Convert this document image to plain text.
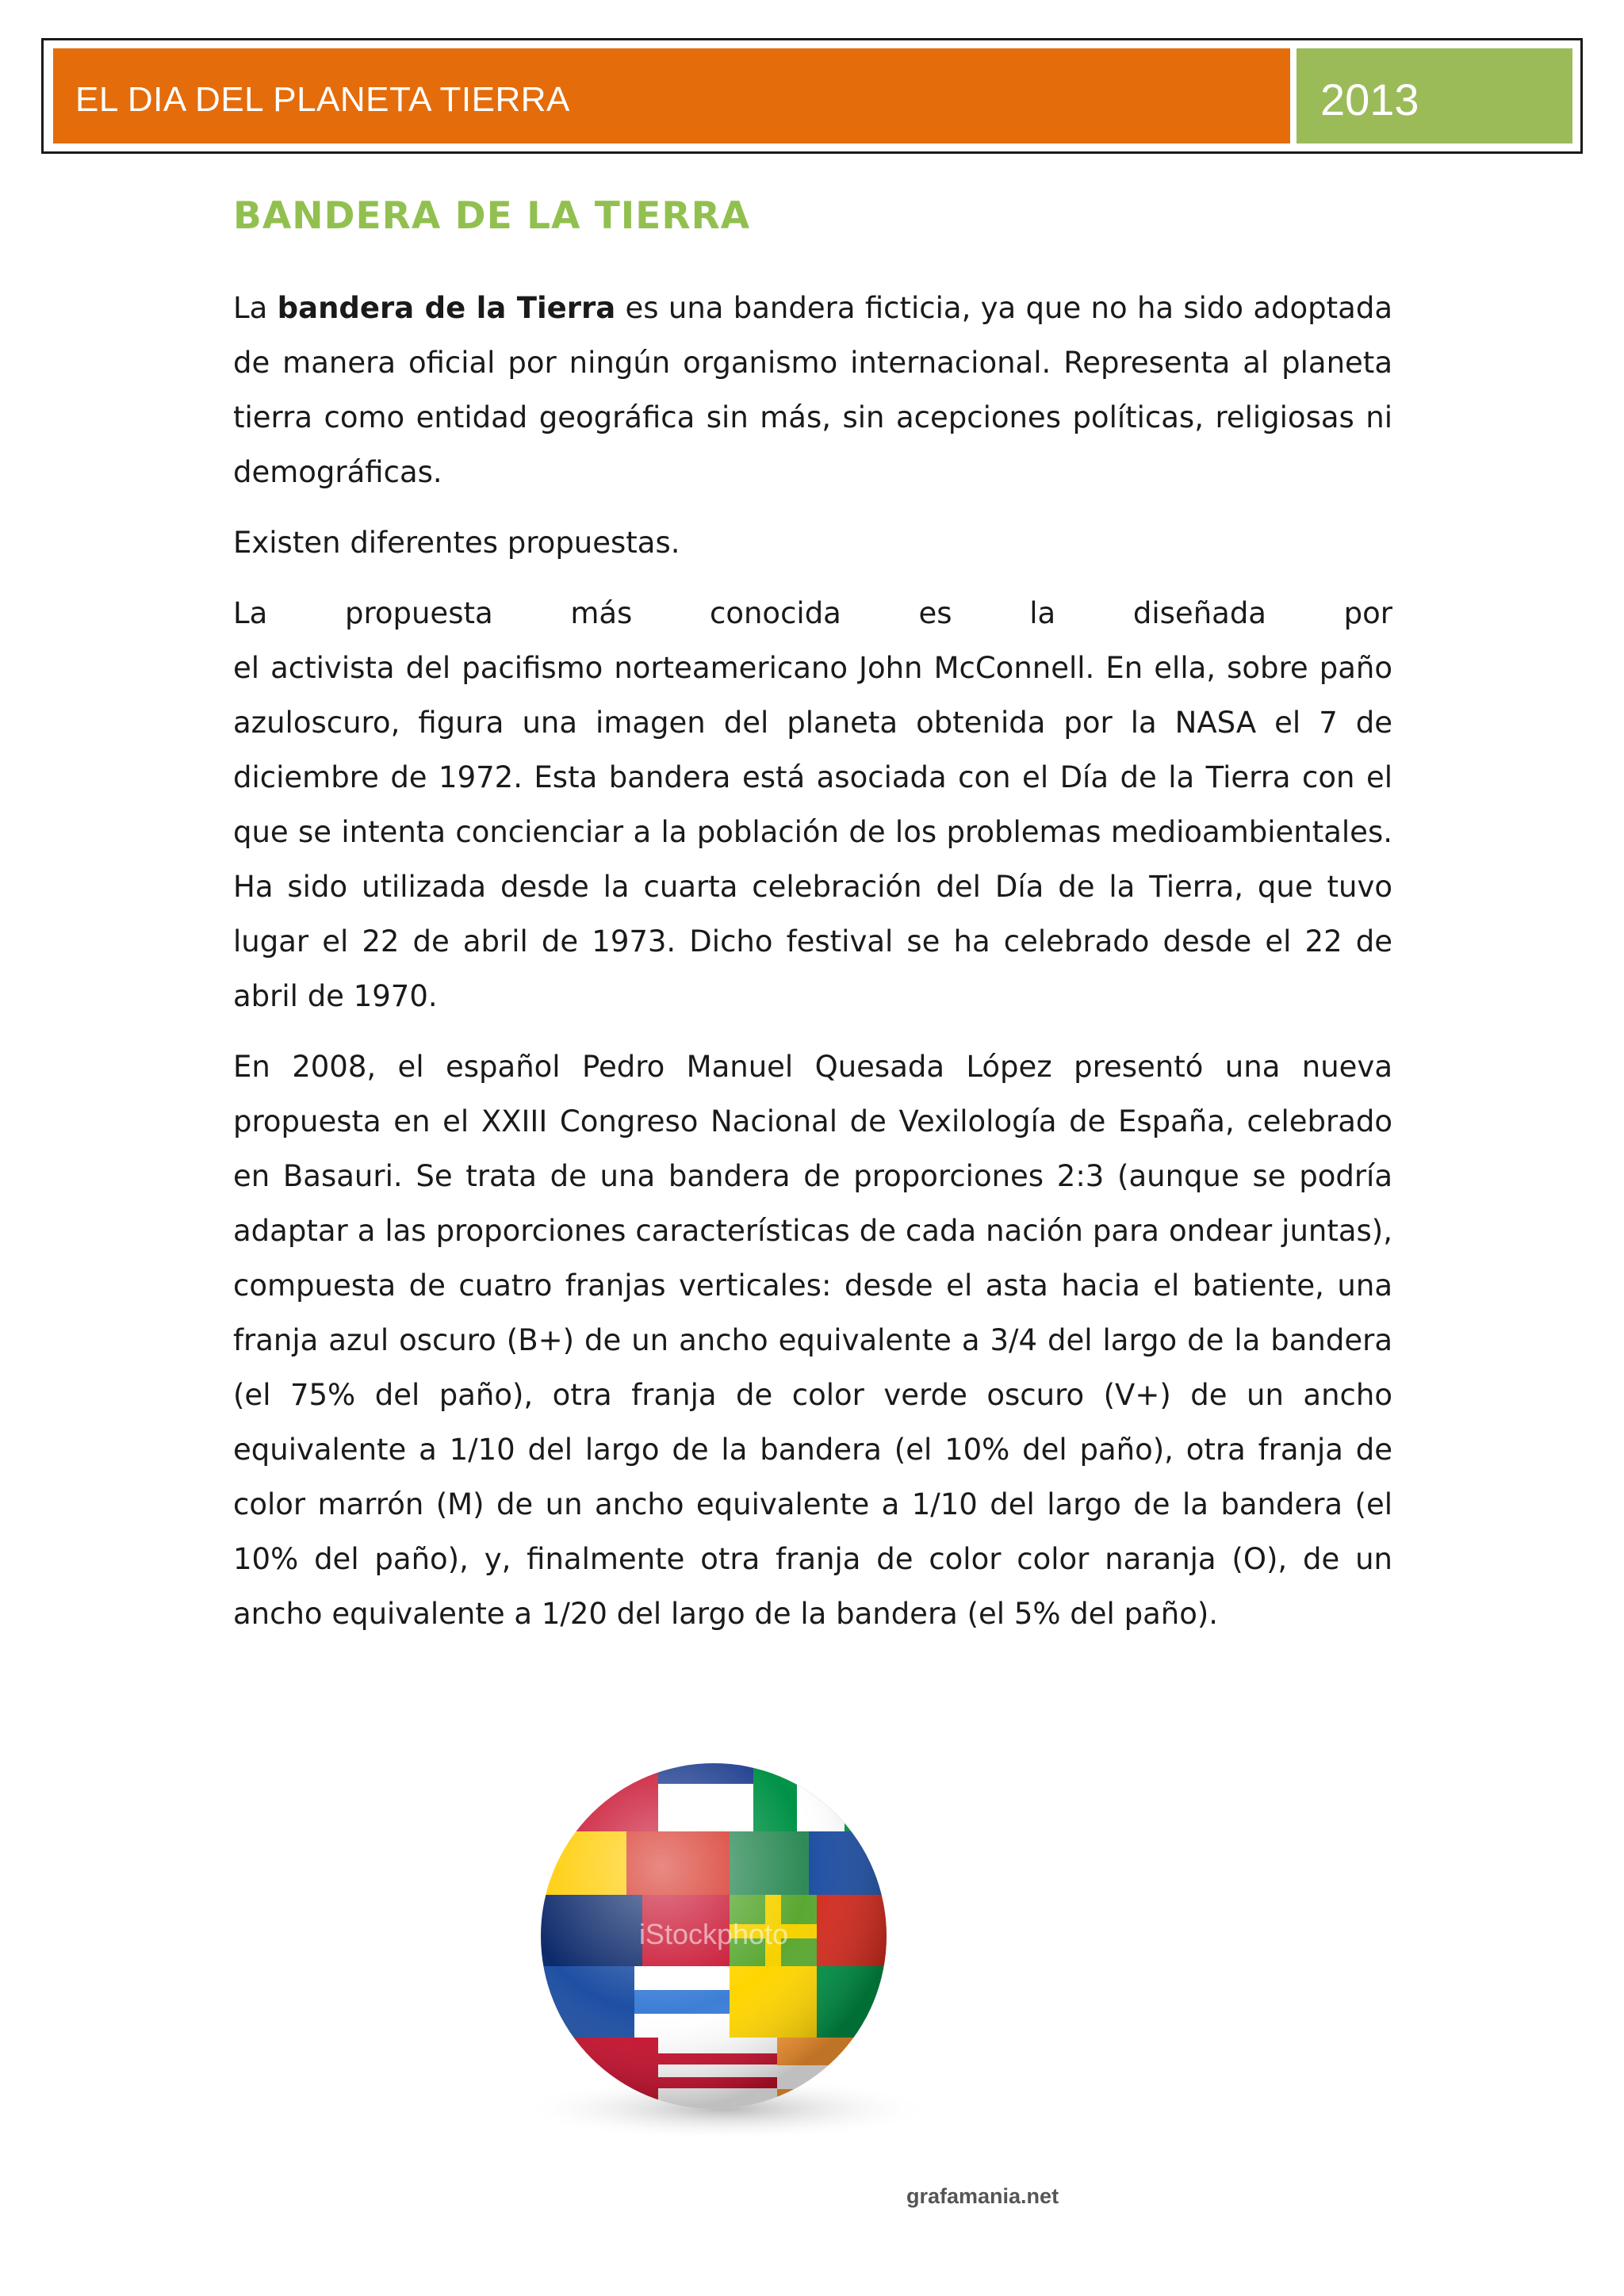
EL DIA DEL PLANETA TIERRA	2013
BANDERA DE LA TIERRA

La bandera de la Tierra es una bandera ficticia, ya que no ha sido adoptada de manera oficial por ningún organismo internacional. Representa al planeta tierra como entidad geográfica sin más, sin acepciones políticas, religiosas ni demográficas.

Existen diferentes propuestas.

La propuesta más conocida es la diseñada por

el activista del pacifismo norteamericano John McConnell. En ella, sobre paño azuloscuro, figura una imagen del planeta obtenida por la NASA el 7 de diciembre de 1972. Esta bandera está asociada con el Día de la Tierra con el que se intenta concienciar a la población de los problemas medioambientales. Ha sido utilizada desde la cuarta celebración del Día de la Tierra, que tuvo lugar el 22 de abril de 1973. Dicho festival se ha celebrado desde el 22 de abril de 1970.

En 2008, el español Pedro Manuel Quesada López presentó una nueva propuesta en el XXIII Congreso Nacional de Vexilología de España, celebrado en Basauri. Se trata de una bandera de proporciones 2:3 (aunque se podría adaptar a las proporciones características de cada nación para ondear juntas), compuesta de cuatro franjas verticales: desde el asta hacia el batiente, una franja azul oscuro (B+) de un ancho equivalente a 3/4 del largo de la bandera (el 75% del paño), otra franja de color verde oscuro (V+) de un ancho equivalente a 1/10 del largo de la bandera (el 10% del paño), otra franja de color marrón (M) de un ancho equivalente a 1/10 del largo de la bandera (el 10% del paño), y, finalmente otra franja de color color naranja (O), de un ancho equivalente a 1/20 del largo de la bandera (el 5% del paño).

iStockphoto
grafamania.net
